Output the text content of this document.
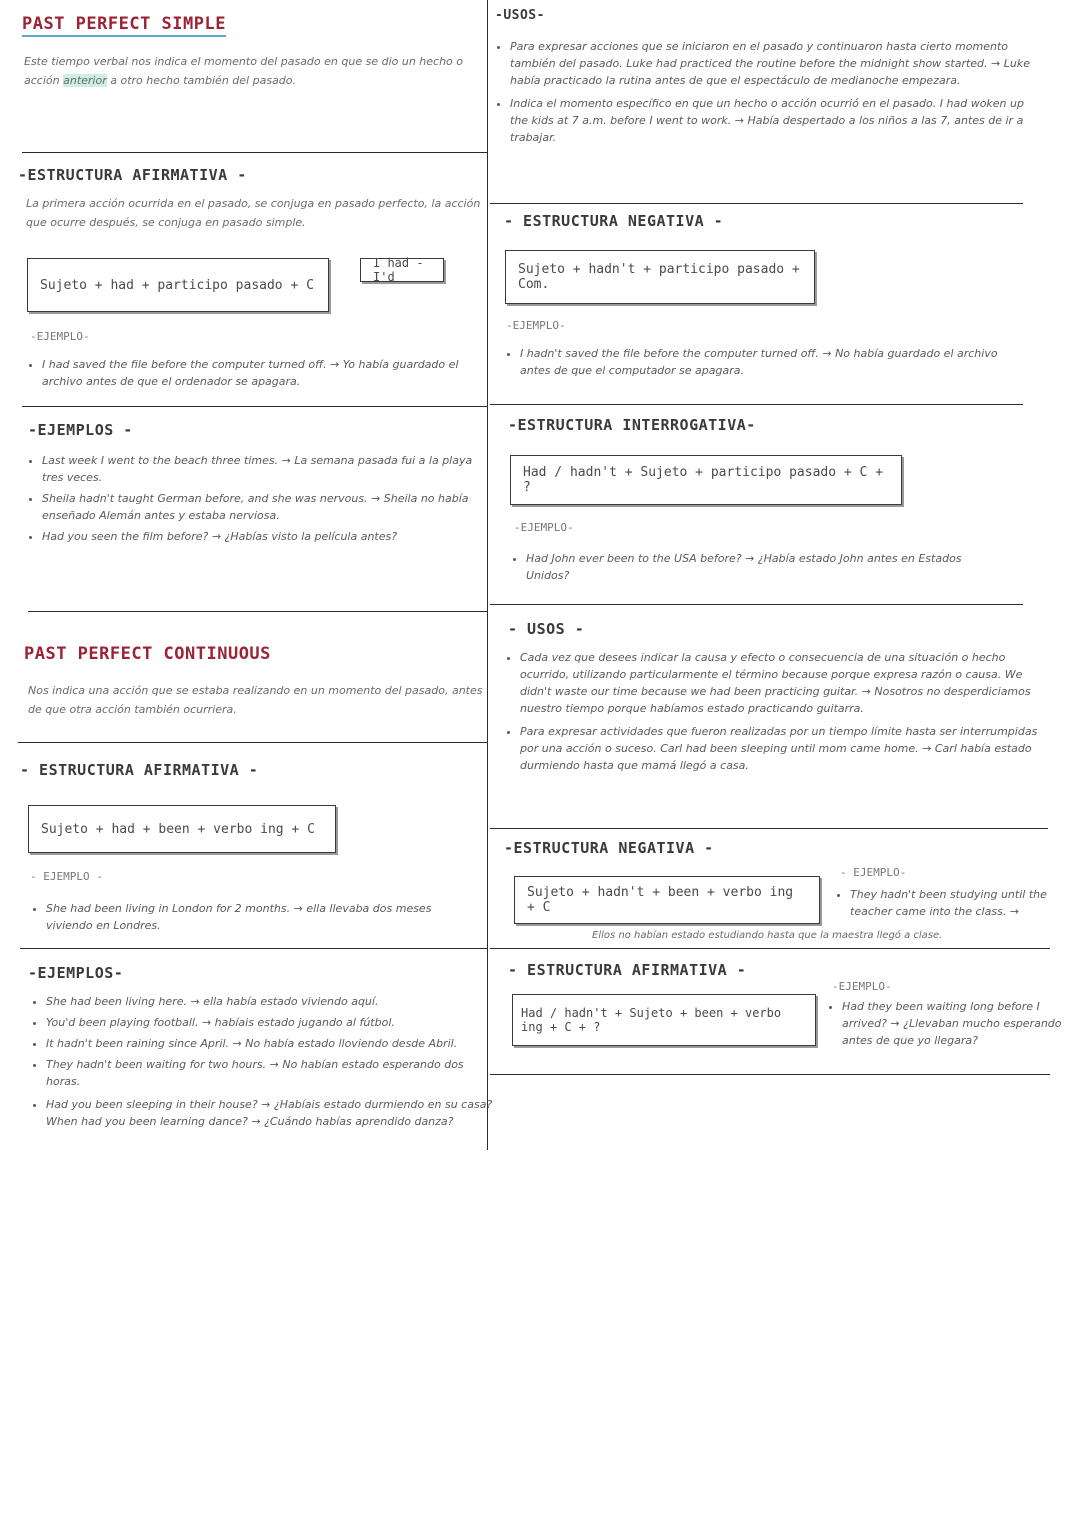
PAST PERFECT SIMPLE

Este tiempo verbal nos indica el momento del pasado en que se dio un hecho o acción anterior a otro hecho también del pasado.

-ESTRUCTURA AFIRMATIVA -

La primera acción ocurrida en el pasado, se conjuga en pasado perfecto, la acción que ocurre después, se conjuga en pasado simple.

Sujeto + had + participo pasado + C
I had - I'd

-EJEMPLO-

• I had saved the file before the computer turned off. → Yo había guardado el archivo antes de que el ordenador se apagara.
-EJEMPLOS -
• Last week I went to the beach three times. → La semana pasada fui a la playa tres veces.
• Sheila hadn't taught German before, and she was nervous. → Sheila no había enseñado Alemán antes y estaba nerviosa.
• Had you seen the film before? → ¿Habías visto la película antes?
-USOS-
• Para expresar acciones que se iniciaron en el pasado y continuaron hasta cierto momento también del pasado. Luke had practiced the routine before the midnight show started. → Luke había practicado la rutina antes de que el espectáculo de medianoche empezara.
• Indica el momento específico en que un hecho o acción ocurrió en el pasado. I had woken up the kids at 7 a.m. before I went to work. → Había despertado a los niños a las 7, antes de ir a trabajar.
- ESTRUCTURA NEGATIVA -
Sujeto + hadn't + participo pasado + Com.

-EJEMPLO-

• I hadn't saved the file before the computer turned off. → No había guardado el archivo antes de que el computador se apagara.
-ESTRUCTURA INTERROGATIVA-
Had / hadn't + Sujeto + participo pasado + C + ?

-EJEMPLO-

• Had John ever been to the USA before? → ¿Había estado John antes en Estados Unidos?
PAST PERFECT CONTINUOUS

Nos indica una acción que se estaba realizando en un momento del pasado, antes de que otra acción también ocurriera.

- ESTRUCTURA AFIRMATIVA -
Sujeto + had + been + verbo ing + C

- EJEMPLO -

• She had been living in London for 2 months. → ella llevaba dos meses viviendo en Londres.
-EJEMPLOS-
• She had been living here. → ella había estado viviendo aquí.
• You'd been playing football. → habíais estado jugando al fútbol.
• It hadn't been raining since April. → No había estado lloviendo desde Abril.
• They hadn't been waiting for two hours. → No habían estado esperando dos horas.
• Had you been sleeping in their house? → ¿Habíais estado durmiendo en su casa? When had you been learning dance? → ¿Cuándo habías aprendido danza?
- USOS -
• Cada vez que desees indicar la causa y efecto o consecuencia de una situación o hecho ocurrido, utilizando particularmente el término because porque expresa razón o causa. We didn't waste our time because we had been practicing guitar. → Nosotros no desperdiciamos nuestro tiempo porque habíamos estado practicando guitarra.
• Para expresar actividades que fueron realizadas por un tiempo límite hasta ser interrumpidas por una acción o suceso. Carl had been sleeping until mom came home. → Carl había estado durmiendo hasta que mamá llegó a casa.
-ESTRUCTURA NEGATIVA -
Sujeto + hadn't + been + verbo ing + C

- EJEMPLO-

• They hadn't been studying until the teacher came into the class. →

Ellos no habían estado estudiando hasta que la maestra llegó a clase.

- ESTRUCTURA AFIRMATIVA -
Had / hadn't + Sujeto + been + verbo ing + C + ?

-EJEMPLO-

• Had they been waiting long before I arrived? → ¿Llevaban mucho esperando antes de que yo llegara?
